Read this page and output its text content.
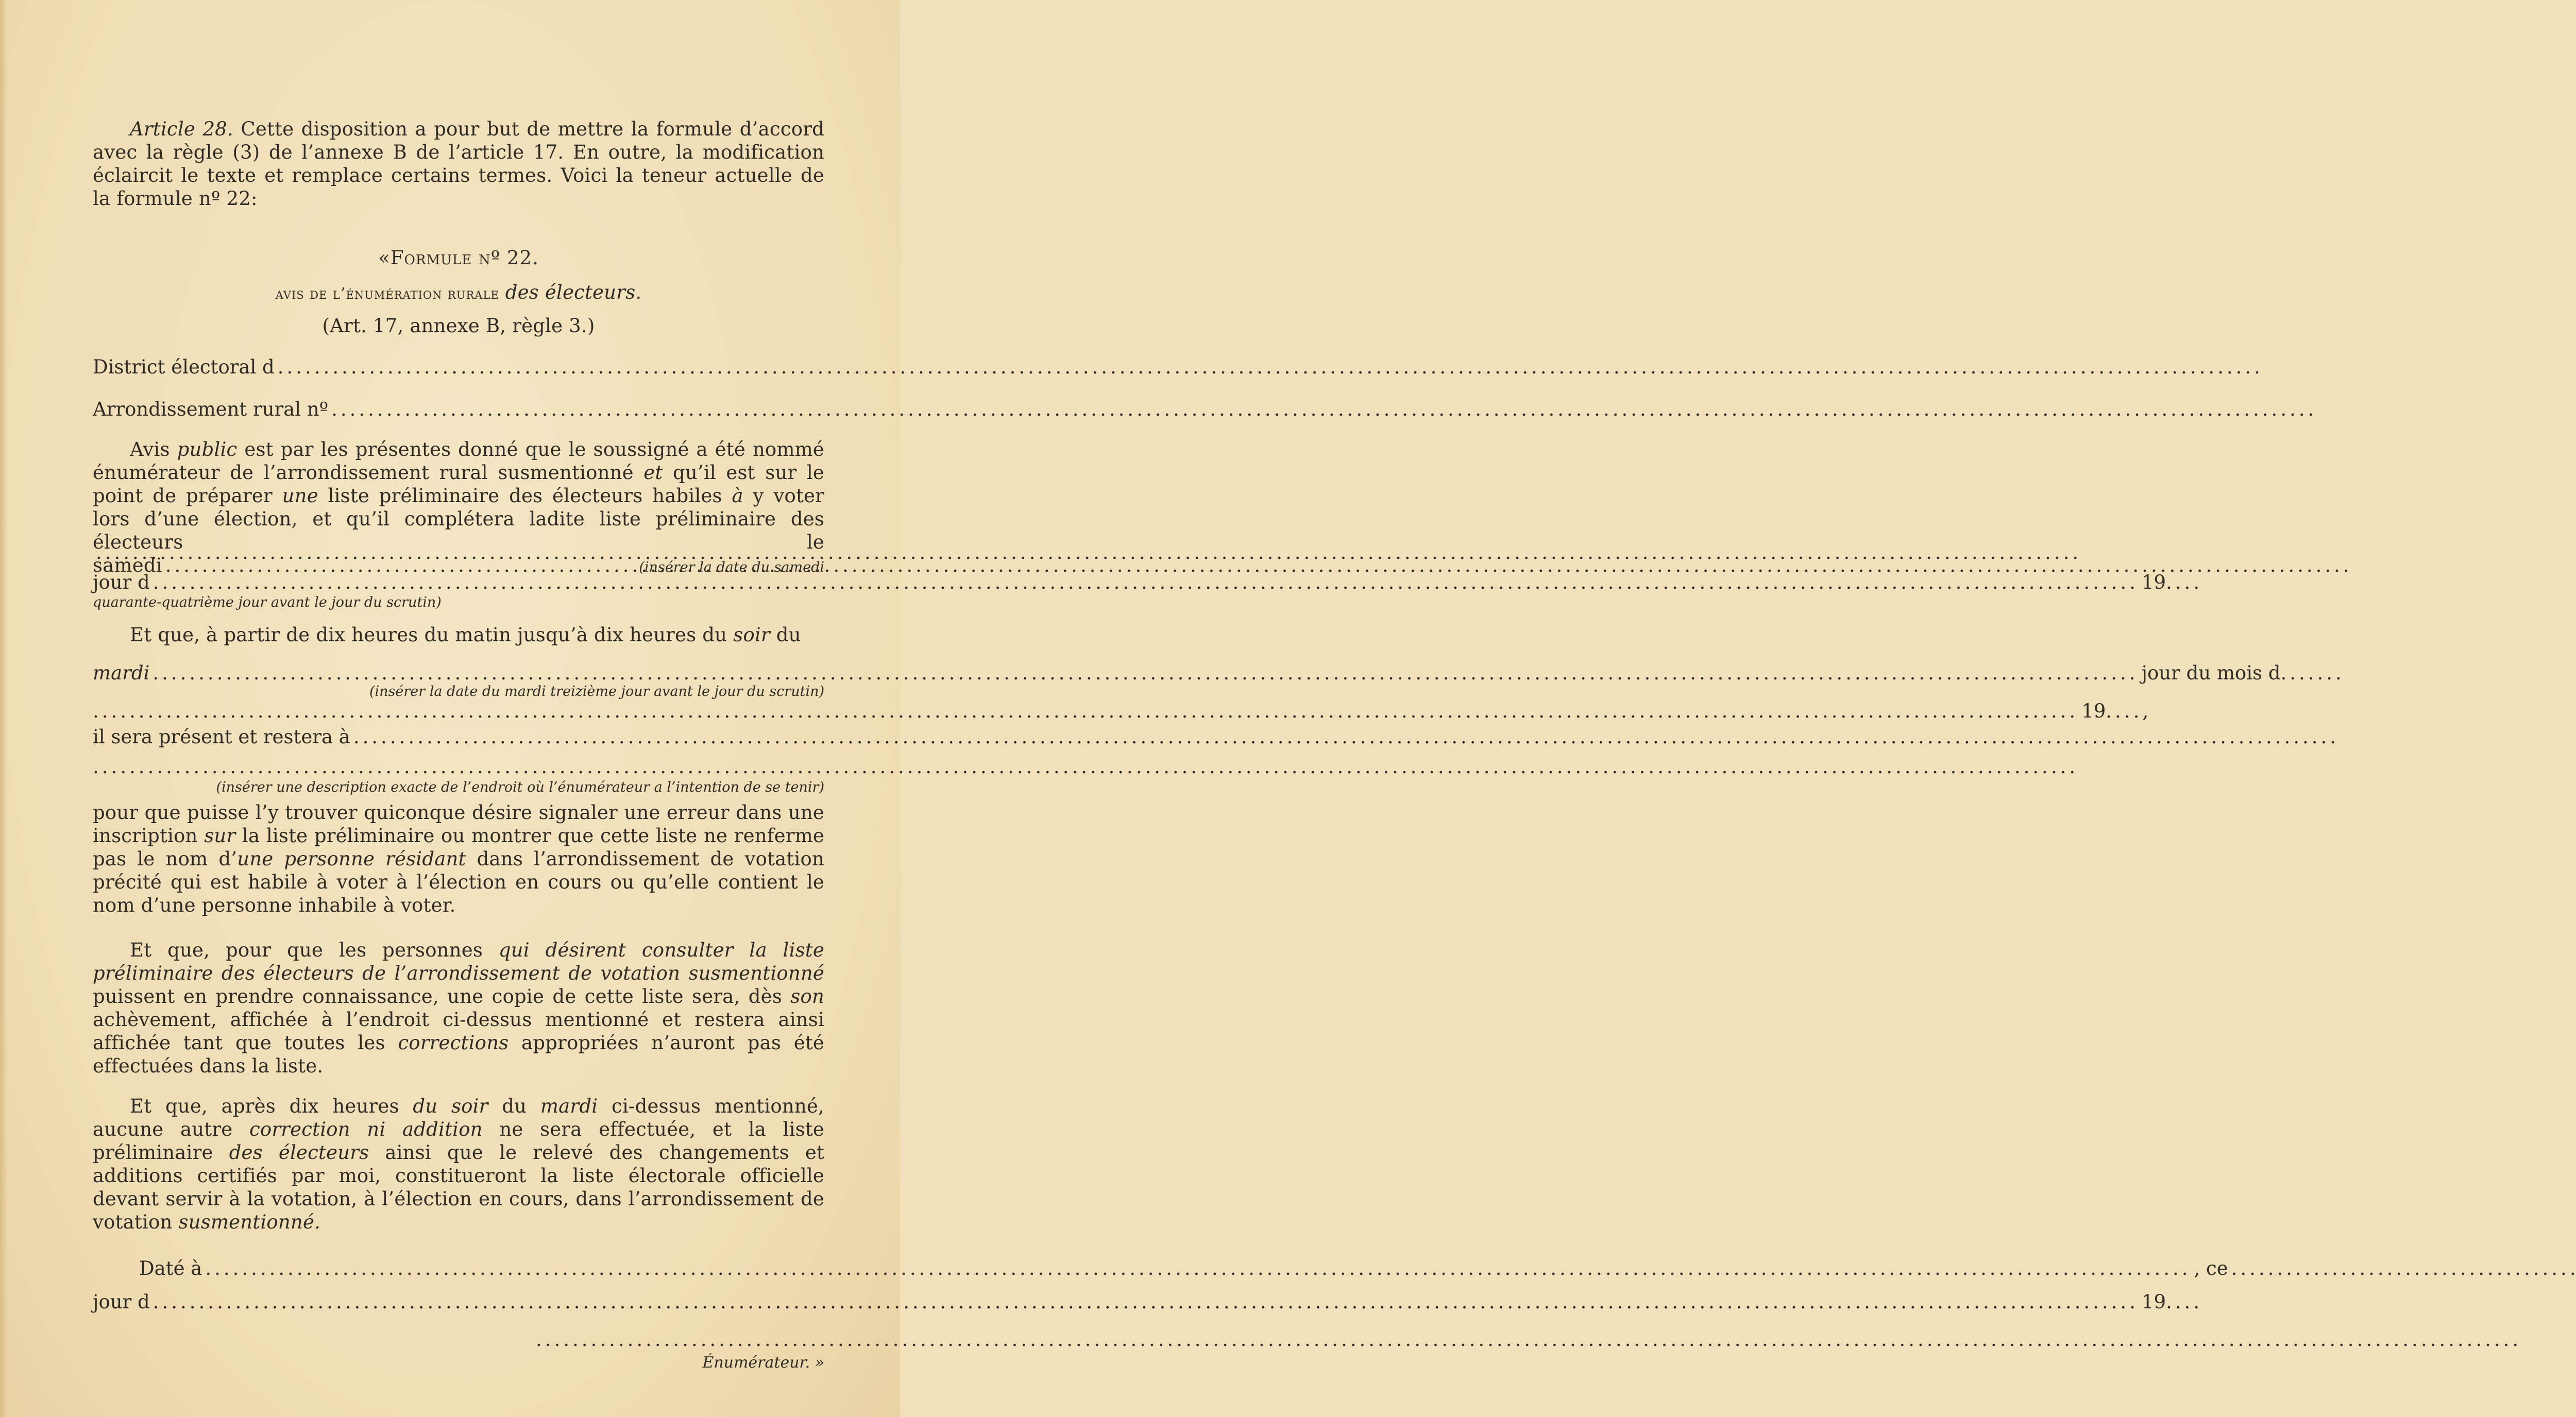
Article 28. Cette disposition a pour but de mettre la formule d’accord avec la règle (3) de l’annexe B de l’article 17. En outre, la modification éclaircit le texte et remplace certains termes. Voici la teneur actuelle de la formule nº 22:

«Formule nº 22.

avis de l’énumération rurale des électeurs.

(Art. 17, annexe B, règle 3.)

District électoral d
.....
Arrondissement rural nº
.....

Avis public est par les présentes donné que le soussigné a été nommé énumérateur de l’arrondissement rural susmentionné et qu’il est sur le point de préparer une liste préliminaire des électeurs habiles à y voter lors d’une élection, et qu’il complétera ladite liste préliminaire des électeurs le samedi	..... ......................

.....
(insérer la date du samedi
jour d .....	19 ....
quarante-quatrième jour avant le jour du scrutin)

Et que, à partir de dix heures du matin jusqu’à dix heures du soir du

mardi .....	jour du mois d .......
(insérer la date du mardi treizième jour avant le jour du scrutin)
.....
19 ....,
il sera présent et restera à
.....
.....
(insérer une description exacte de l’endroit où l’énumérateur a l’intention de se tenir)

pour que puisse l’y trouver quiconque désire signaler une erreur dans une inscription sur la liste préliminaire ou montrer que cette liste ne renferme pas le nom d’une personne résidant dans l’arrondissement de votation précité qui est habile à voter à l’élection en cours ou qu’elle contient le nom d’une personne inhabile à voter.

Et que, pour que les personnes qui désirent consulter la liste préliminaire des électeurs de l’arrondissement de votation susmentionné puissent en prendre connaissance, une copie de cette liste sera, dès son achèvement, affichée à l’endroit ci-dessus mentionné et restera ainsi affichée tant que toutes les corrections appropriées n’auront pas été effectuées dans la liste.

Et que, après dix heures du soir du mardi ci-dessus mentionné, aucune autre correction ni addition ne sera effectuée, et la liste préliminaire des électeurs ainsi que le relevé des changements et additions certifiés par moi, constitueront la liste électorale officielle devant servir à la votation, à l’élection en cours, dans l’arrondissement de votation susmentionné.

Daté à .....	, ce
.....
jour d .....	19 ....
.....
Énumérateur. »
